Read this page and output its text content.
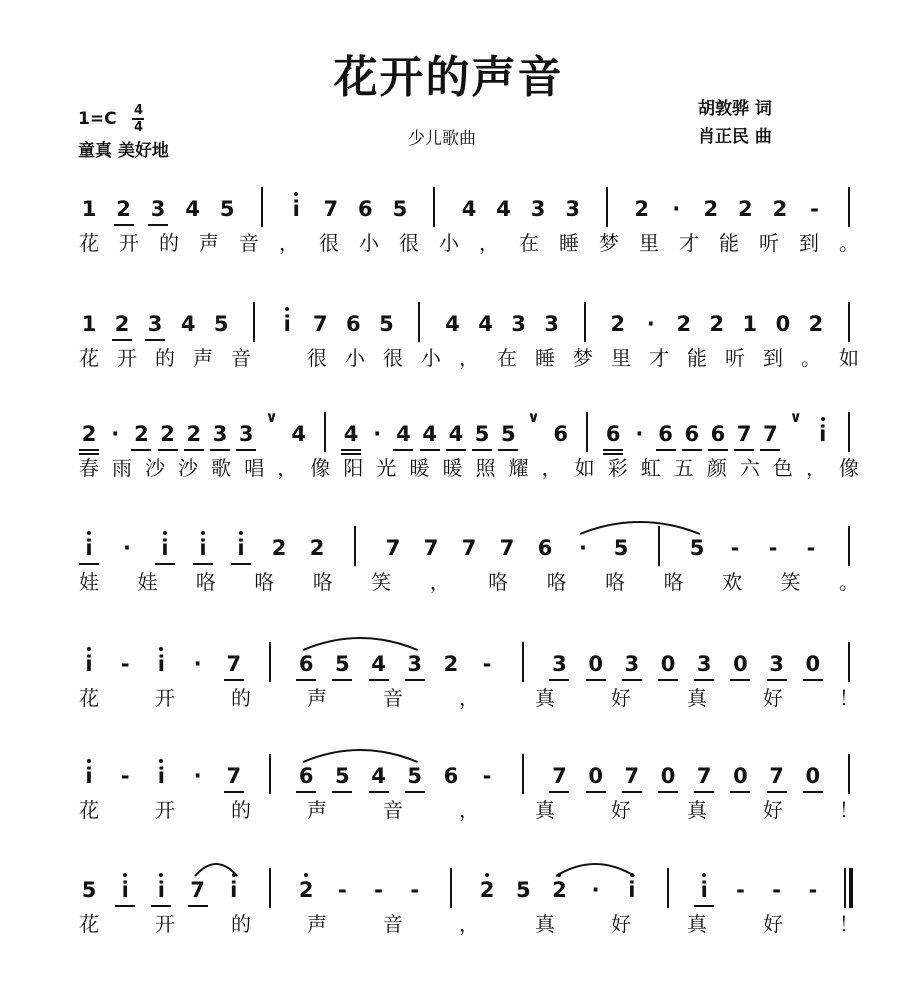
花开的声音
$1=C \frac{4}{4}$
童真 美好地
少儿歌曲
胡敦骅 词
肖正民 曲
1 2 3 4 5	i	7 6 5	4 4 3 3	2	·	2 2 2	-
花 开 的 声 音 ， 很 小 很 小 ， 在 睡 梦 里 才 能 听 到 。
1 2 3 4 5	i	7 6 5 4 4 3 3 2	·	2 2 1 0 2
花 开 的 声 音	很 小 很 小 ， 在 睡 梦 里 才 能 听 到 。 如
2 · 2 2 2 3 3
∨
4 4 · 4 4 4 5 5
∨
6 6 · 6 6 6 7 7
∨
i
春 雨 沙 沙 歌 唱 ， 像 阳 光 暖 暖 照 耀 ， 如 彩 虹 五 颜 六 色 ， 像
i	·	i	i	i	2 2	7 7 7 7 6	·	5	5	-	-	-
娃 娃 咯 咯 咯 笑 ， 咯 咯 咯 咯 欢 笑 。
i	-	i	·	7	6 5 4 3 2	-	3 0 3 0 3 0 3 0
花	开	的	声	音	，	真	好	真	好	！
i	-	i	·	7	6 5 4 5 6	-	7 0 7 0 7 0 7 0
花	开	的	声	音	，	真	好	真	好	！
5	i	i	7	i	2	-	-	-	2 5 2	·	i	i	-	-	-
花	开	的	声	音	，	真	好	真	好	！
